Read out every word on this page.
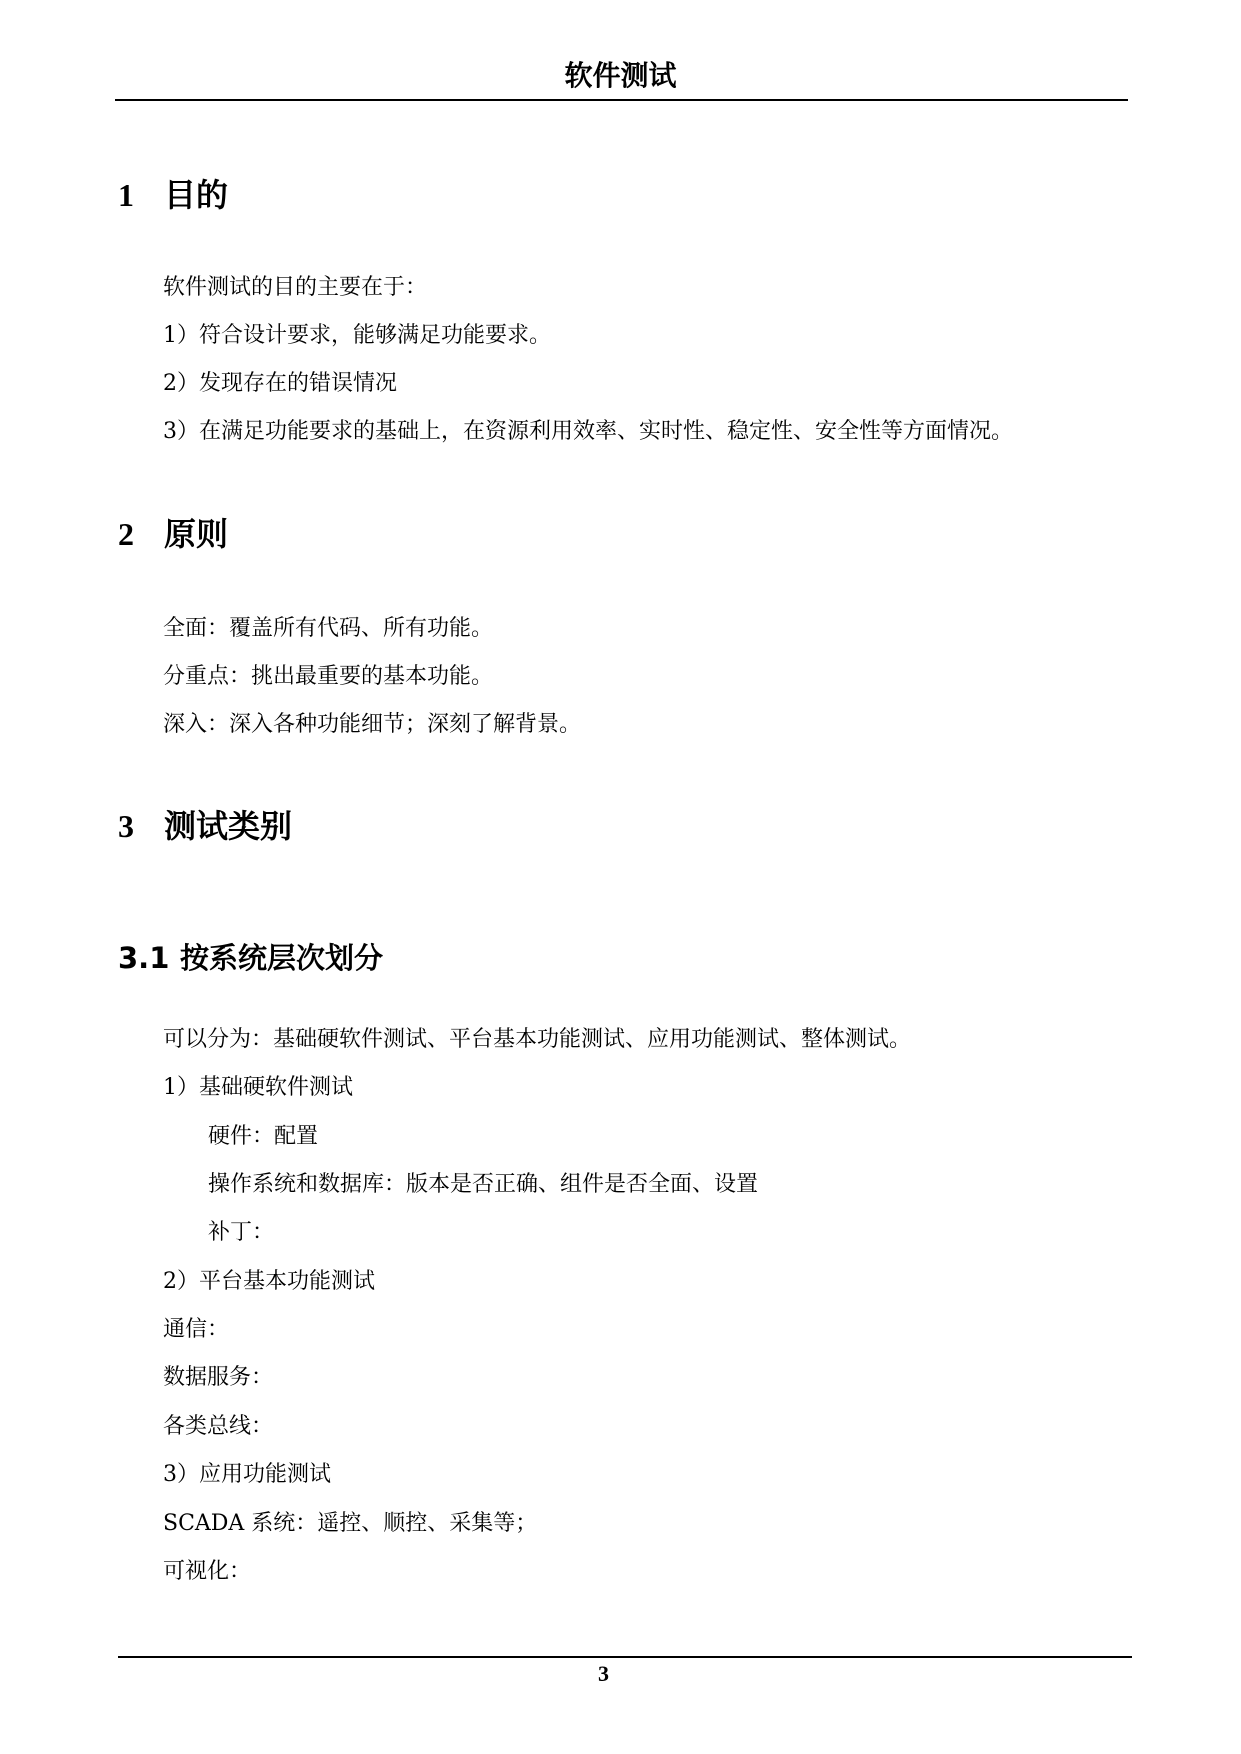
软件测试
1 目的
软件测试的目的主要在于：
1）符合设计要求，能够满足功能要求。
2）发现存在的错误情况
3）在满足功能要求的基础上，在资源利用效率、实时性、稳定性、安全性等方面情况。
2 原则
全面：覆盖所有代码、所有功能。
分重点：挑出最重要的基本功能。
深入：深入各种功能细节；深刻了解背景。
3 测试类别
3.1 按系统层次划分
可以分为：基础硬软件测试、平台基本功能测试、应用功能测试、整体测试。
1）基础硬软件测试
硬件：配置
操作系统和数据库：版本是否正确、组件是否全面、设置
补丁：
2）平台基本功能测试
通信：
数据服务：
各类总线：
3）应用功能测试
SCADA 系统：遥控、顺控、采集等；
可视化：
3
